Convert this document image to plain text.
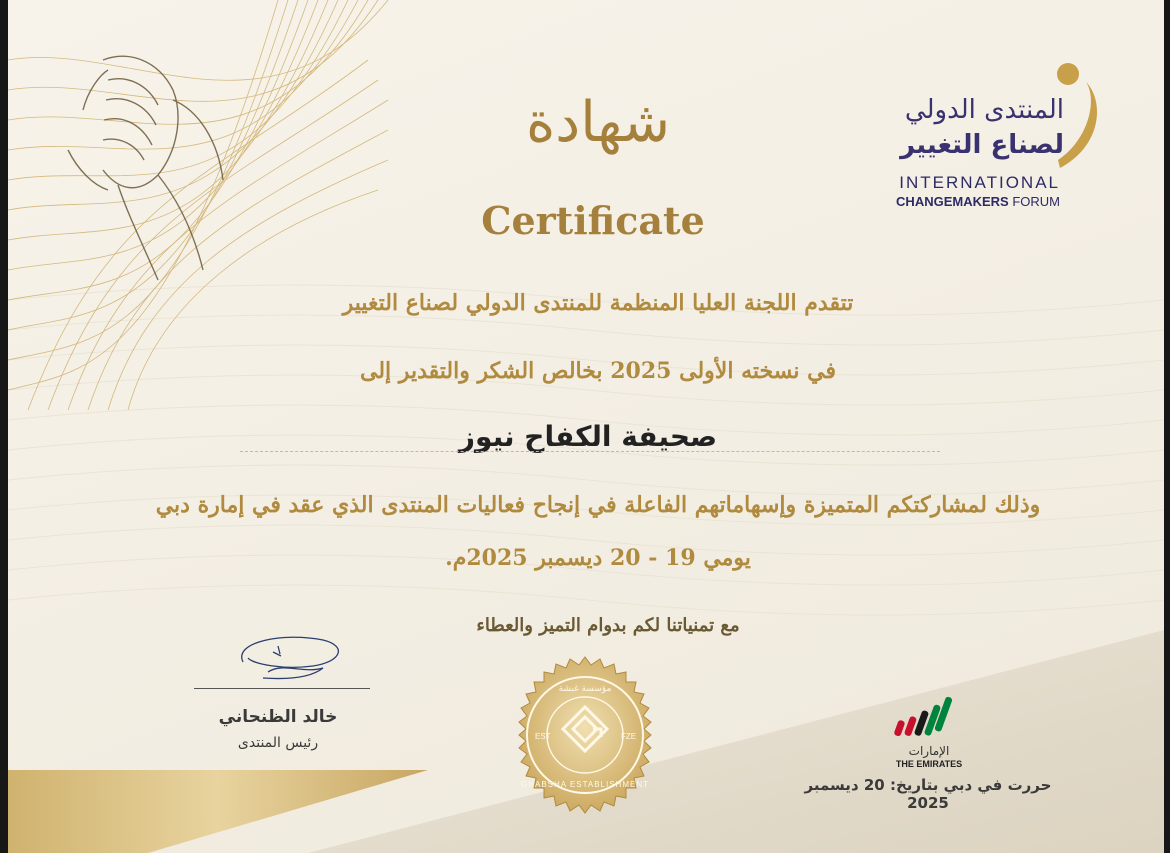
المنتدى الدولي
لصناع التغيير
INTERNATIONAL
CHANGEMAKERS FORUM
شهادة
Certificate
تتقدم اللجنة العليا المنظمة للمنتدى الدولي لصناع التغيير
في نسخته الأولى 2025 بخالص الشكر والتقدير إلى
صحيفة الكفاح نيوز
وذلك لمشاركتكم المتميزة وإسهاماتهم الفاعلة في إنجاح فعاليات المنتدى الذي عقد في إمارة دبي
يومي 19 - 20 ديسمبر 2025م.
مع تمنياتنا لكم بدوام التميز والعطاء
خالد الظنحاني
رئيس المنتدى	EST	FZE
مؤسسة غبشة
GHABSHA ESTABLISHMENT
الإمارات
THE EMIRATES
حررت في دبي بتاريخ: 20 ديسمبر 2025
